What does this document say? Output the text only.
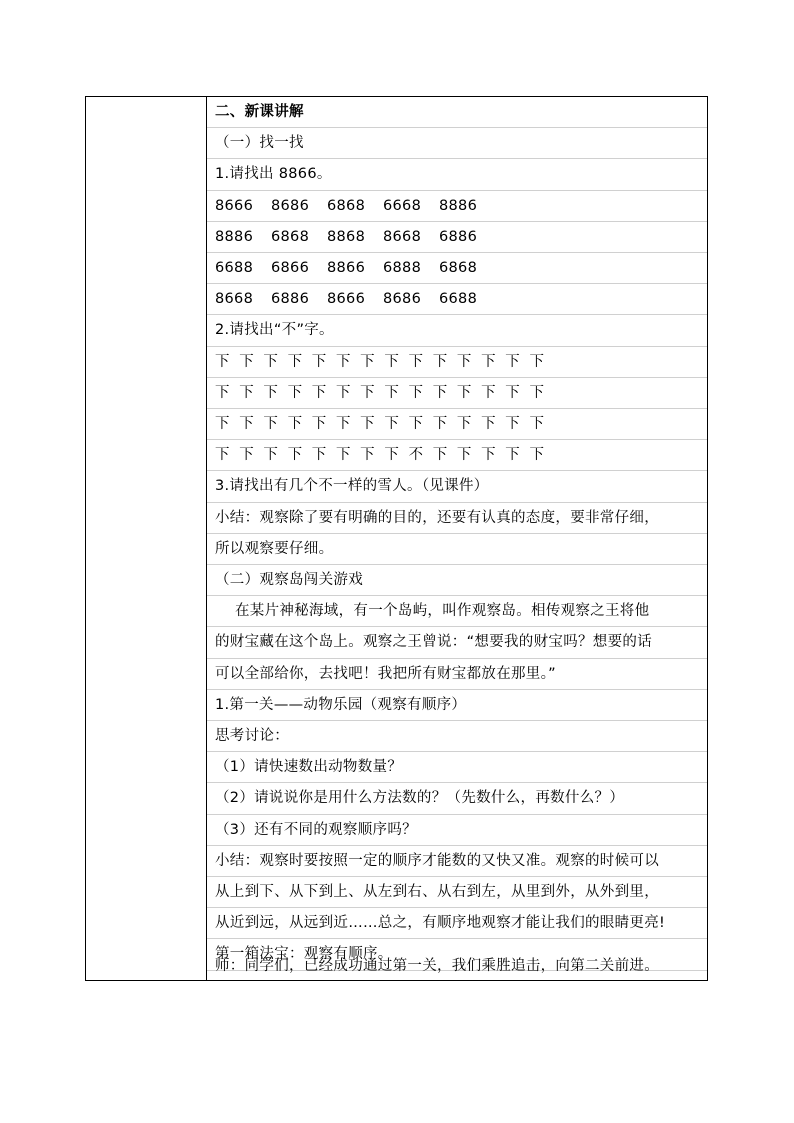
二、新课讲解
（一）找一找
1.请找出 8866。
8666 8686 6868 6668 8886
8886 6868 8868 8668 6886
6688 6866 8866 6888 6868
8668 6886 8666 8686 6688
2.请找出“不”字。
下 下 下 下 下 下 下 下 下 下 下 下 下 下
下 下 下 下 下 下 下 下 下 下 下 下 下 下
下 下 下 下 下 下 下 下 下 下 下 下 下 下
下 下 下 下 下 下 下 下 不 下 下 下 下 下
3.请找出有几个不一样的雪人。（见课件）
小结：观察除了要有明确的目的，还要有认真的态度，要非常仔细，
所以观察要仔细。
（二）观察岛闯关游戏
在某片神秘海域，有一个岛屿，叫作观察岛。相传观察之王将他
的财宝藏在这个岛上。观察之王曾说：“想要我的财宝吗？想要的话
可以全部给你，去找吧！我把所有财宝都放在那里。”
1.第一关——动物乐园（观察有顺序）
思考讨论：
（1）请快速数出动物数量？
（2）请说说你是用什么方法数的？（先数什么，再数什么？）
（3）还有不同的观察顺序吗？
小结：观察时要按照一定的顺序才能数的又快又准。观察的时候可以
从上到下、从下到上、从左到右、从右到左，从里到外，从外到里，
从近到远，从远到近……总之，有顺序地观察才能让我们的眼睛更亮!
第一箱法宝：观察有顺序。
师：同学们，已经成功通过第一关，我们乘胜追击，向第二关前进。
